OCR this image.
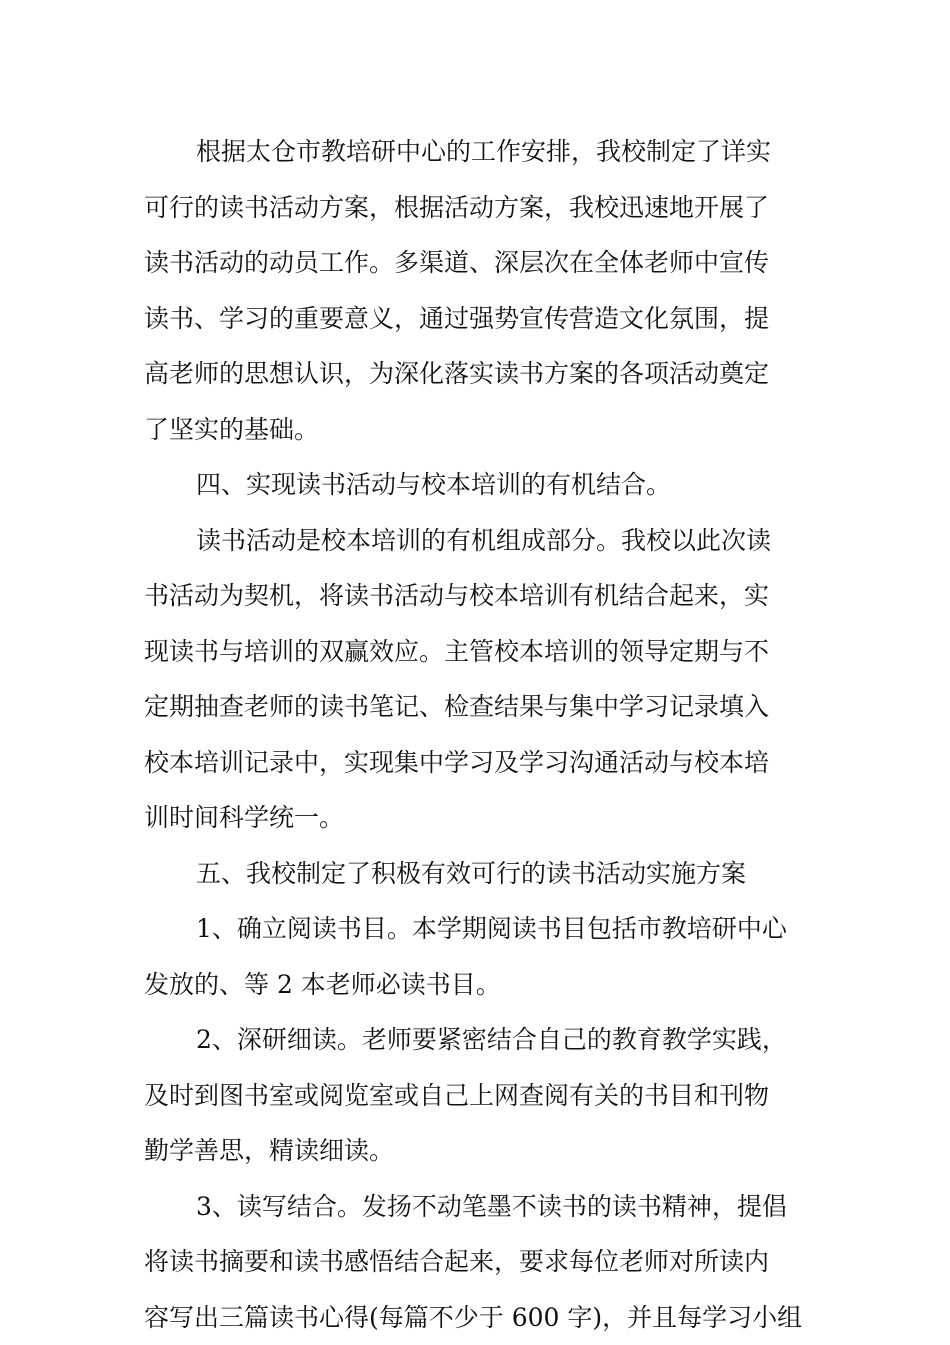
根据太仓市教培研中心的工作安排，我校制定了详实
可行的读书活动方案，根据活动方案，我校迅速地开展了
读书活动的动员工作。多渠道、深层次在全体老师中宣传
读书、学习的重要意义，通过强势宣传营造文化氛围，提
高老师的思想认识，为深化落实读书方案的各项活动奠定
了坚实的基础。
四、实现读书活动与校本培训的有机结合。
读书活动是校本培训的有机组成部分。我校以此次读
书活动为契机，将读书活动与校本培训有机结合起来，实
现读书与培训的双赢效应。主管校本培训的领导定期与不
定期抽查老师的读书笔记、检查结果与集中学习记录填入
校本培训记录中，实现集中学习及学习沟通活动与校本培
训时间科学统一。
五、我校制定了积极有效可行的读书活动实施方案
1、确立阅读书目。本学期阅读书目包括市教培研中心
发放的、等 2 本老师必读书目。
2、深研细读。老师要紧密结合自己的教育教学实践，
及时到图书室或阅览室或自己上网查阅有关的书目和刊物
勤学善思，精读细读。
3、读写结合。发扬不动笔墨不读书的读书精神，提倡
将读书摘要和读书感悟结合起来，要求每位老师对所读内
容写出三篇读书心得(每篇不少于 600 字)，并且每学习小组
